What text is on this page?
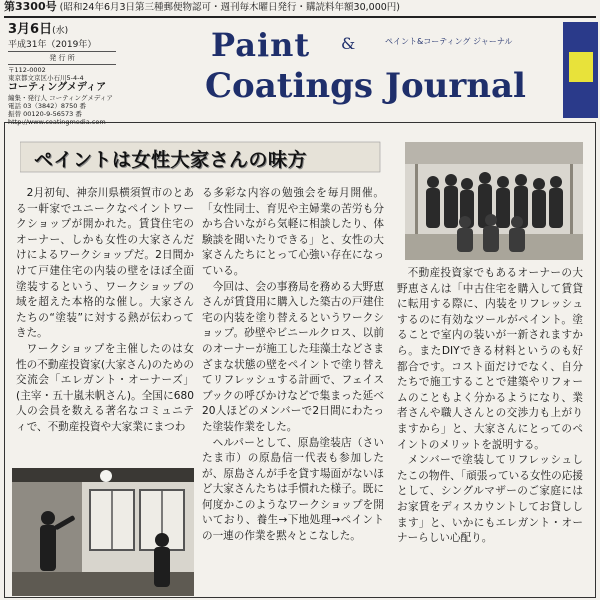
第3300号 (昭和24年6月3日第三種郵便物認可・週刊毎木曜日発行・購読料年額30,000円)
3月6日(水)
平成31年（2019年）
発 行 所
〒112-0002
東京都文京区小石川5-4-4
コーティングメディア
編集・発行人 コーティングメディア
電話 03（3842）8750 番
振替 00120-9-56573 番
http://www.coatingmedia.com
Paint &	ペイント&コーティング ジャーナル
Coatings Journal
ペイントは女性大家さんの味方

2月初旬、神奈川県横須賀市のとある一軒家でユニークなペイントワークショップが開かれた。賃貸住宅のオーナー、しかも女性の大家さんだけによるワークショップだ。2日間かけて戸建住宅の内装の壁をほぼ全面塗装するという、ワークショップの域を超えた本格的な催し。大家さんたちの“塗装”に対する熱が伝わってきた。

ワークショップを主催したのは女性の不動産投資家(大家さん)のための交流会「エレガント・オーナーズ」(主宰・五十嵐未帆さん)。全国に680人の会員を数える著名なコミュニティで、不動産投資や大家業にまつわ

る多彩な内容の勉強会を毎月開催。「女性同士、育児や主婦業の苦労も分かち合いながら気軽に相談したり、体験談を聞いたりできる」と、女性の大家さんたちにとって心強い存在になっている。

今回は、会の事務局を務める大野恵さんが賃貸用に購入した築古の戸建住宅の内装を塗り替えるというワークショップ。砂壁やビニールクロス、以前のオーナーが施工した珪藻土などさまざまな状態の壁をペイントで塗り替えてリフレッシュする計画で、フェイスブックの呼びかけなどで集まった延べ20人ほどのメンバーで2日間にわたった塗装作業をした。

ヘルパーとして、原島塗装店（さいたま市）の原島信一代表も参加したが、原島さんが手を貸す場面がないほど大家さんたちは手慣れた様子。既に何度かこのようなワークショップを開いており、養生→下地処理→ペイントの一連の作業を黙々とこなした。

不動産投資家でもあるオーナーの大野恵さんは「中古住宅を購入して賃貸に転用する際に、内装をリフレッシュするのに有効なツールがペイント。塗ることで室内の装いが一新されますから。またDIYできる材料というのも好都合です。コスト面だけでなく、自分たちで施工することで建築やリフォームのこともよく分かるようになり、業者さんや職人さんとの交渉力も上がりますから」と、大家さんにとってのペイントのメリットを説明する。

メンバーで塗装してリフレッシュしたこの物件、「頑張っている女性の応援として、シングルマザーのご家庭にはお家賃をディスカウントしてお貸しします」と、いかにもエレガント・オーナーらしい心配り。
